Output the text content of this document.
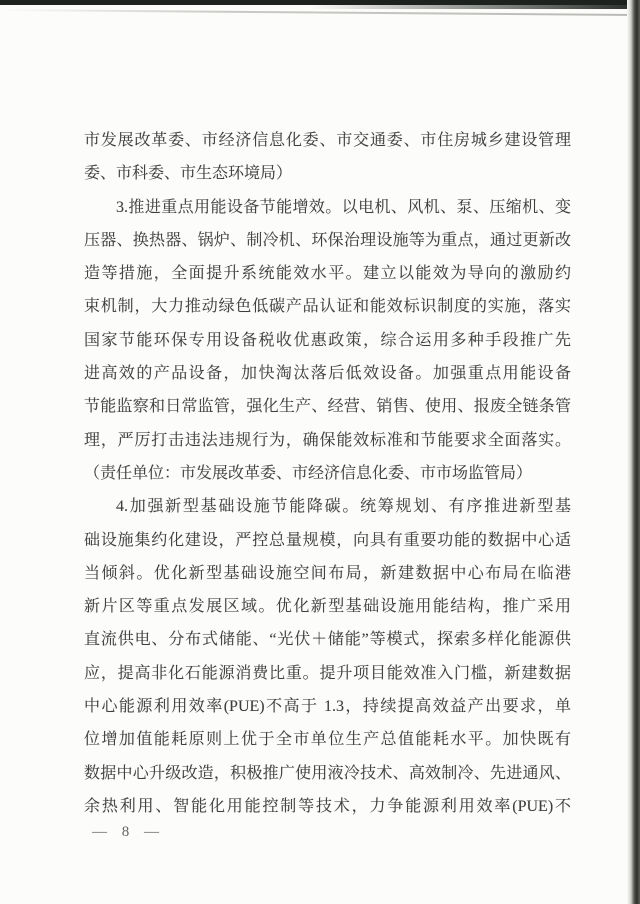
市发展改革委、市经济信息化委、市交通委、市住房城乡建设管理
委、市科委、市生态环境局）
3.推进重点用能设备节能增效。以电机、风机、泵、压缩机、变
压器、换热器、锅炉、制冷机、环保治理设施等为重点，通过更新改
造等措施，全面提升系统能效水平。建立以能效为导向的激励约
束机制，大力推动绿色低碳产品认证和能效标识制度的实施，落实
国家节能环保专用设备税收优惠政策，综合运用多种手段推广先
进高效的产品设备，加快淘汰落后低效设备。加强重点用能设备
节能监察和日常监管，强化生产、经营、销售、使用、报废全链条管
理，严厉打击违法违规行为，确保能效标准和节能要求全面落实。
（责任单位：市发展改革委、市经济信息化委、市市场监管局）
4.加强新型基础设施节能降碳。统筹规划、有序推进新型基
础设施集约化建设，严控总量规模，向具有重要功能的数据中心适
当倾斜。优化新型基础设施空间布局，新建数据中心布局在临港
新片区等重点发展区域。优化新型基础设施用能结构，推广采用
直流供电、分布式储能、“光伏＋储能”等模式，探索多样化能源供
应，提高非化石能源消费比重。提升项目能效准入门槛，新建数据
中心能源利用效率(PUE)不高于 1.3，持续提高效益产出要求，单
位增加值能耗原则上优于全市单位生产总值能耗水平。加快既有
数据中心升级改造，积极推广使用液冷技术、高效制冷、先进通风、
余热利用、智能化用能控制等技术，力争能源利用效率(PUE)不
— 8 —
